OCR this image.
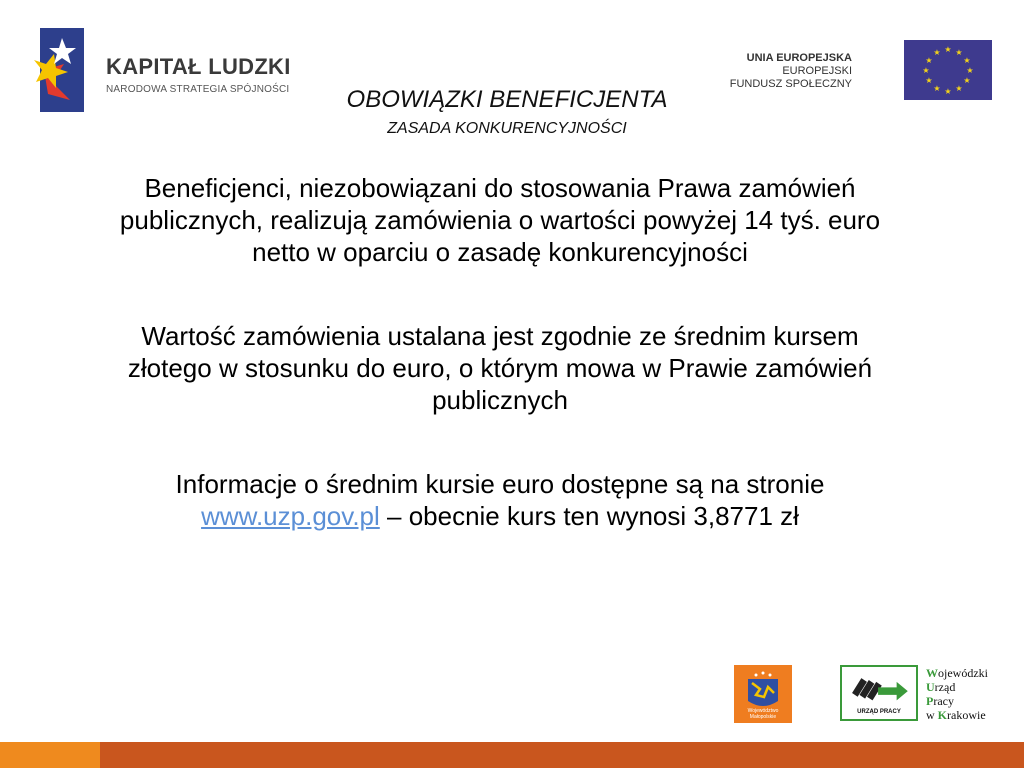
KAPITAŁ LUDZKI
NARODOWA STRATEGIA SPÓJNOŚCI
UNIA EUROPEJSKA
EUROPEJSKI
FUNDUSZ SPOŁECZNY
★ ★
★
★
★
★
★
★
★
★
★
★
OBOWIĄZKI BENEFICJENTA
ZASADA KONKURENCYJNOŚCI

Beneficjenci, niezobowiązani do stosowania Prawa zamówień publicznych, realizują zamówienia o wartości powyżej 14 tyś. euro netto w oparciu o zasadę konkurencyjności

Wartość zamówienia ustalana jest zgodnie ze średnim kursem złotego w stosunku do euro, o którym mowa w Prawie zamówień publicznych

Informacje o średnim kursie euro dostępne są na stronie www.uzp.gov.pl – obecnie kurs ten wynosi 3,8771 zł

Województwo Małopolskie
URZĄD PRACY
Wojewódzki
Urząd
Pracy
w Krakowie
